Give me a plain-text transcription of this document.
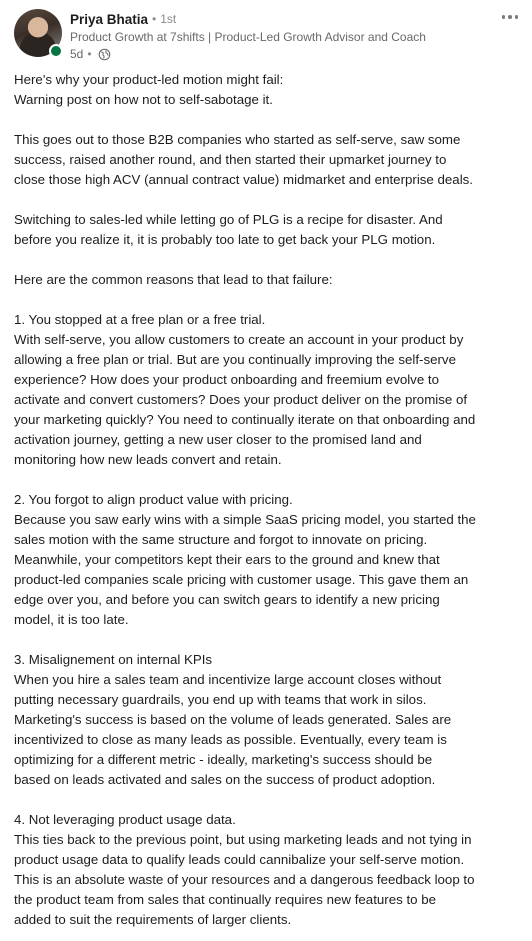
Priya Bhatia • 1st
Product Growth at 7shifts | Product-Led Growth Advisor and Coach
5d •
Here's why your product-led motion might fail:
Warning post on how not to self-sabotage it.
This goes out to those B2B companies who started as self-serve, saw some
success, raised another round, and then started their upmarket journey to
close those high ACV (annual contract value) midmarket and enterprise deals.
Switching to sales-led while letting go of PLG is a recipe for disaster. And
before you realize it, it is probably too late to get back your PLG motion.
Here are the common reasons that lead to that failure:
1. You stopped at a free plan or a free trial.
With self-serve, you allow customers to create an account in your product by
allowing a free plan or trial. But are you continually improving the self-serve
experience? How does your product onboarding and freemium evolve to
activate and convert customers? Does your product deliver on the promise of
your marketing quickly? You need to continually iterate on that onboarding and
activation journey, getting a new user closer to the promised land and
monitoring how new leads convert and retain.
2. You forgot to align product value with pricing.
Because you saw early wins with a simple SaaS pricing model, you started the
sales motion with the same structure and forgot to innovate on pricing.
Meanwhile, your competitors kept their ears to the ground and knew that
product-led companies scale pricing with customer usage. This gave them an
edge over you, and before you can switch gears to identify a new pricing
model, it is too late.
3. Misalignement on internal KPIs
When you hire a sales team and incentivize large account closes without
putting necessary guardrails, you end up with teams that work in silos.
Marketing's success is based on the volume of leads generated. Sales are
incentivized to close as many leads as possible. Eventually, every team is
optimizing for a different metric - ideally, marketing's success should be
based on leads activated and sales on the success of product adoption.
4. Not leveraging product usage data.
This ties back to the previous point, but using marketing leads and not tying in
product usage data to qualify leads could cannibalize your self-serve motion.
This is an absolute waste of your resources and a dangerous feedback loop to
the product team from sales that continually requires new features to be
added to suit the requirements of larger clients.
